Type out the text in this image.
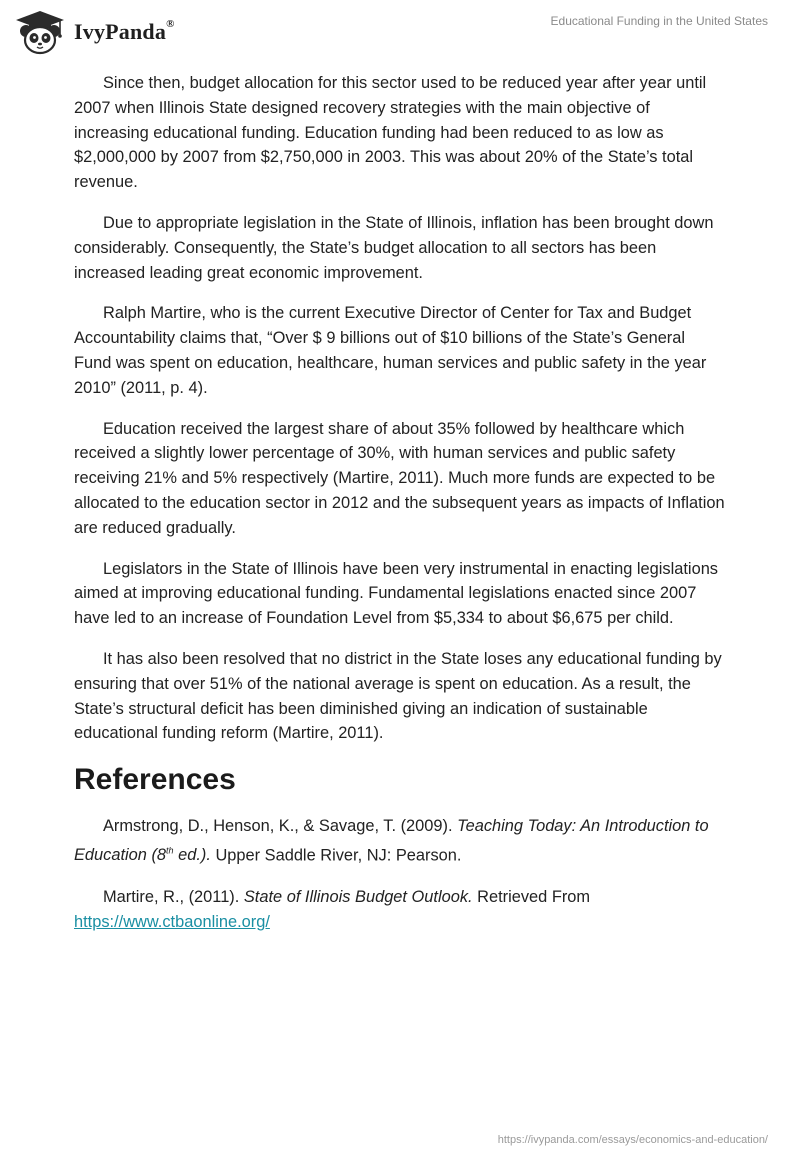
IvyPanda®	Educational Funding in the United States

Since then, budget allocation for this sector used to be reduced year after year until 2007 when Illinois State designed recovery strategies with the main objective of increasing educational funding. Education funding had been reduced to as low as $2,000,000 by 2007 from $2,750,000 in 2003. This was about 20% of the State’s total revenue.

Due to appropriate legislation in the State of Illinois, inflation has been brought down considerably. Consequently, the State’s budget allocation to all sectors has been increased leading great economic improvement.

Ralph Martire, who is the current Executive Director of Center for Tax and Budget Accountability claims that, “Over $ 9 billions out of $10 billions of the State’s General Fund was spent on education, healthcare, human services and public safety in the year 2010” (2011, p. 4).

Education received the largest share of about 35% followed by healthcare which received a slightly lower percentage of 30%, with human services and public safety receiving 21% and 5% respectively (Martire, 2011). Much more funds are expected to be allocated to the education sector in 2012 and the subsequent years as impacts of Inflation are reduced gradually.

Legislators in the State of Illinois have been very instrumental in enacting legislations aimed at improving educational funding. Fundamental legislations enacted since 2007 have led to an increase of Foundation Level from $5,334 to about $6,675 per child.

It has also been resolved that no district in the State loses any educational funding by ensuring that over 51% of the national average is spent on education. As a result, the State’s structural deficit has been diminished giving an indication of sustainable educational funding reform (Martire, 2011).

References

Armstrong, D., Henson, K., & Savage, T. (2009). Teaching Today: An Introduction to Education (8th ed.). Upper Saddle River, NJ: Pearson.

Martire, R., (2011). State of Illinois Budget Outlook. Retrieved From
https://www.ctbaonline.org/

https://ivypanda.com/essays/economics-and-education/
